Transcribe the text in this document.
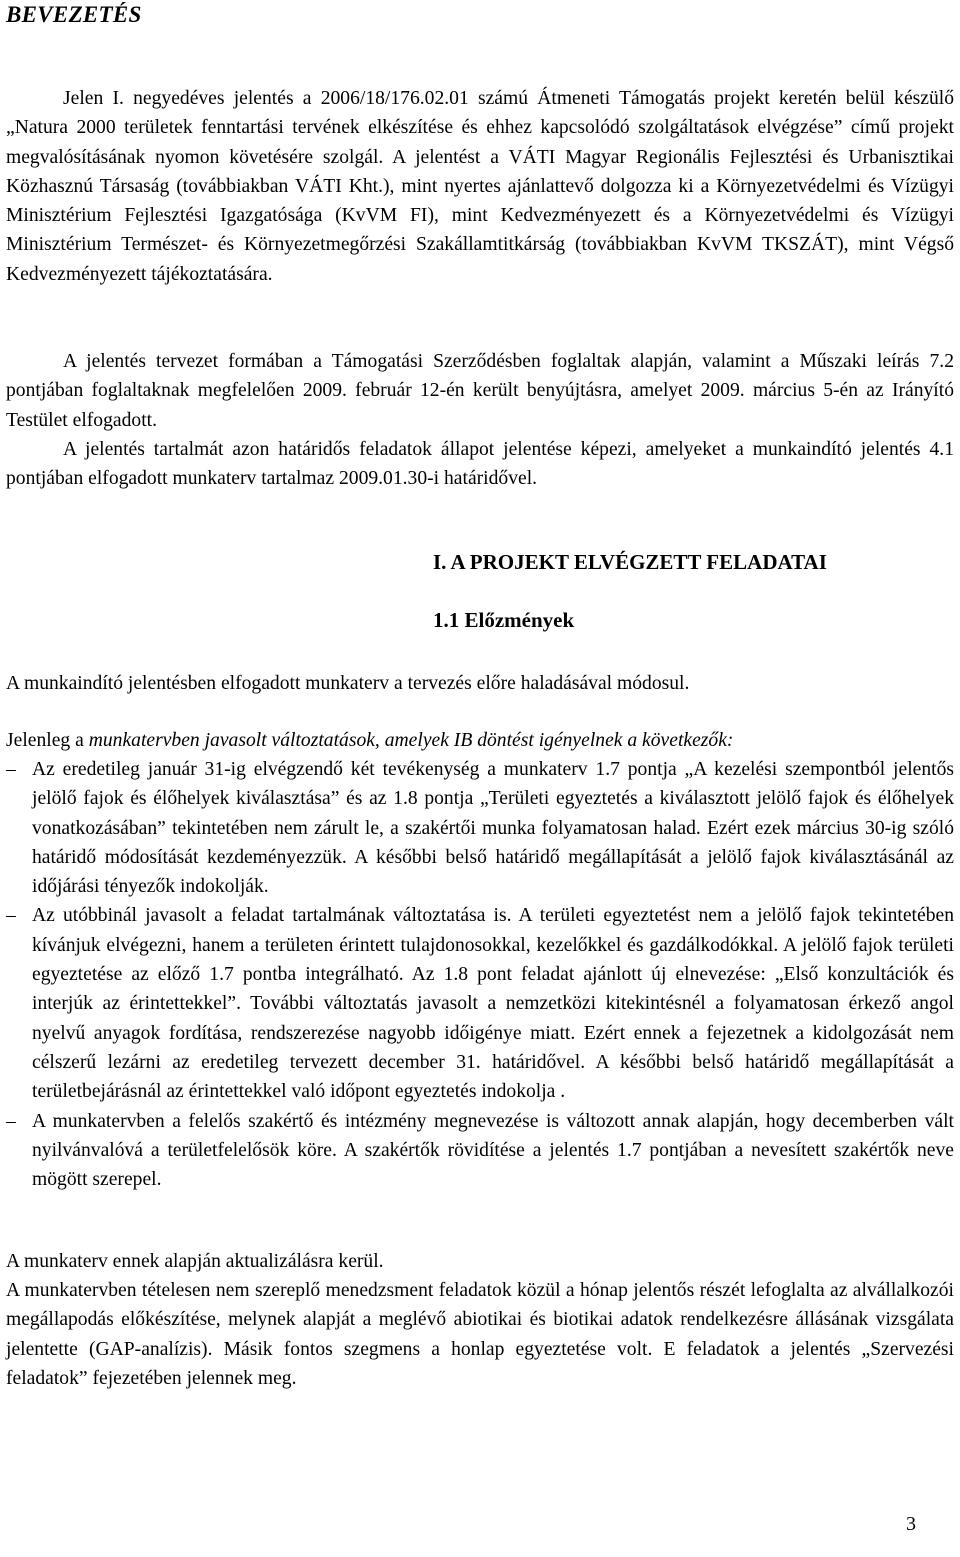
BEVEZETÉS
Jelen I. negyedéves jelentés a 2006/18/176.02.01 számú Átmeneti Támogatás projekt keretén belül készülő „Natura 2000 területek fenntartási tervének elkészítése és ehhez kapcsolódó szolgáltatások elvégzése” című projekt megvalósításának nyomon követésére szolgál. A jelentést a VÁTI Magyar Regionális Fejlesztési és Urbanisztikai Közhasznú Társaság (továbbiakban VÁTI Kht.), mint nyertes ajánlattevő dolgozza ki a Környezetvédelmi és Vízügyi Minisztérium Fejlesztési Igazgatósága (KvVM FI), mint Kedvezményezett és a Környezetvédelmi és Vízügyi Minisztérium Természet- és Környezetmegőrzési Szakállamtitkárság (továbbiakban KvVM TKSZÁT), mint Végső Kedvezményezett tájékoztatására.
A jelentés tervezet formában a Támogatási Szerződésben foglaltak alapján, valamint a Műszaki leírás 7.2 pontjában foglaltaknak megfelelően 2009. február 12-én került benyújtásra, amelyet 2009. március 5-én az Irányító Testület elfogadott.
A jelentés tartalmát azon határidős feladatok állapot jelentése képezi, amelyeket a munkaindító jelentés 4.1 pontjában elfogadott munkaterv tartalmaz 2009.01.30-i határidővel.
I. A PROJEKT ELVÉGZETT FELADATAI
1.1 Előzmények
A munkaindító jelentésben elfogadott munkaterv a tervezés előre haladásával módosul.
Jelenleg a munkatervben javasolt változtatások, amelyek IB döntést igényelnek a következők:
– Az eredetileg január 31-ig elvégzendő két tevékenység a munkaterv 1.7 pontja „A kezelési szempontból jelentős jelölő fajok és élőhelyek kiválasztása” és az 1.8 pontja „Területi egyeztetés a kiválasztott jelölő fajok és élőhelyek vonatkozásában” tekintetében nem zárult le, a szakértői munka folyamatosan halad. Ezért ezek március 30-ig szóló határidő módosítását kezdeményezzük. A későbbi belső határidő megállapítását a jelölő fajok kiválasztásánál az időjárási tényezők indokolják.
– Az utóbbinál javasolt a feladat tartalmának változtatása is. A területi egyeztetést nem a jelölő fajok tekintetében kívánjuk elvégezni, hanem a területen érintett tulajdonosokkal, kezelőkkel és gazdálkodókkal. A jelölő fajok területi egyeztetése az előző 1.7 pontba integrálható. Az 1.8 pont feladat ajánlott új elnevezése: „Első konzultációk és interjúk az érintettekkel”. További változtatás javasolt a nemzetközi kitekintésnél a folyamatosan érkező angol nyelvű anyagok fordítása, rendszerezése nagyobb időigénye miatt. Ezért ennek a fejezetnek a kidolgozását nem célszerű lezárni az eredetileg tervezett december 31. határidővel. A későbbi belső határidő megállapítását a területbejárásnál az érintettekkel való időpont egyeztetés indokolja .
– A munkatervben a felelős szakértő és intézmény megnevezése is változott annak alapján, hogy decemberben vált nyilvánvalóvá a területfelelősök köre. A szakértők rövidítése a jelentés 1.7 pontjában a nevesített szakértők neve mögött szerepel.
A munkaterv ennek alapján aktualizálásra kerül.
A munkatervben tételesen nem szereplő menedzsment feladatok közül a hónap jelentős részét lefoglalta az alvállalkozói megállapodás előkészítése, melynek alapját a meglévő abiotikai és biotikai adatok rendelkezésre állásának vizsgálata jelentette (GAP-analízis). Másik fontos szegmens a honlap egyeztetése volt. E feladatok a jelentés „Szervezési feladatok” fejezetében jelennek meg.
3
